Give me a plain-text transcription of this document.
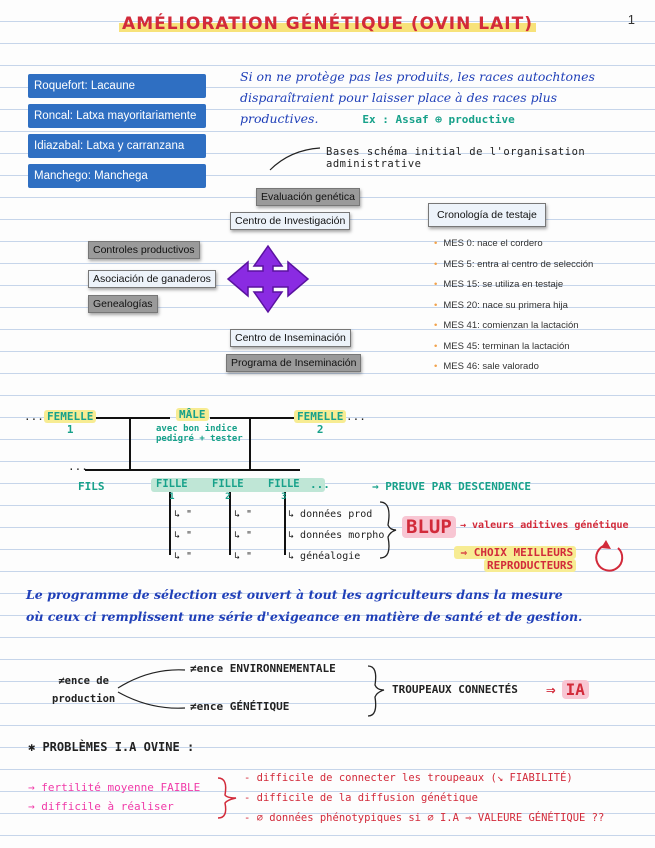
1
AMÉLIORATION GÉNÉTIQUE (OVIN LAIT)
Roquefort: Lacaune
Roncal: Latxa mayoritariamente
Idiazabal: Latxa y carranzana
Manchego: Manchega
Si on ne protège pas les produits, les races autochtones
disparaîtraient pour laisser place à des races plus
productives.	Ex : Assaf ⊕ productive
Bases schéma initial de l'organisation administrative
Evaluación genética
Centro de Investigación
Controles productivos
Asociación de ganaderos
Genealogías
Centro de Inseminación
Programa de Inseminación
Cronología de testaje
• MES 0: nace el cordero
• MES 5: entra al centro de selección
• MES 15: se utiliza en testaje
• MES 20: nace su primera hija
• MES 41: comienzan la lactación
• MES 45: terminan la lactación
• MES 46: sale valorado
... FEMELLE
1
MÂLE
avec bon indice
pedigré + tester
FEMELLE
2
...
...
FILS	FILLE
1
FILLE
2
FILLE
3
...	→ PREUVE PAR DESCENDENCE
↳ "
↳ "
↳ "
↳ "
↳ "
↳ "
↳ données prod
↳ données morpho
↳ généalogie
BLUP → valeurs aditives génétique
⇒ CHOIX MEILLEURS
REPRODUCTEURS
Le programme de sélection est ouvert à tout les agriculteurs dans la mesure
où ceux ci remplissent une série d'exigeance en matière de santé et de gestion.
≠ence de
production
≠ence ENVIRONNEMENTALE
≠ence GÉNÉTIQUE
TROUPEAUX CONNECTÉS ⇒ IA
✱ PROBLÈMES I.A OVINE :
→ fertilité moyenne FAIBLE
→ difficile à réaliser
- difficile de connecter les troupeaux (↘ FIABILITÉ)
- difficile de la diffusion génétique
- ∅ données phénotypiques si ∅ I.A ⇒ VALEURE GÉNÉTIQUE ??
